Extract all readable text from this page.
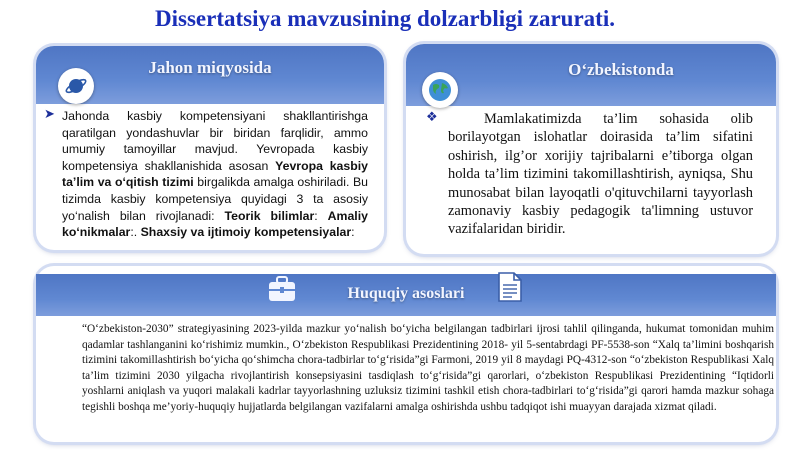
Dissertatsiya mavzusining dolzarbligi zarurati.
Jahon miqyosida
➤ Jahonda kasbiy kompetensiyani shakllantirishga qaratilgan yondashuvlar bir biridan farqlidir, ammo umumiy tamoyillar mavjud. Yevropada kasbiy kompetensiya shakllanishida asosan Yevropa kasbiy ta’lim va o‘qitish tizimi birgalikda amalga oshiriladi. Bu tizimda kasbiy kompetensiya quyidagi 3 ta asosiy yo‘nalish bilan rivojlanadi: Teorik bilimlar: Amaliy ko‘nikmalar:. Shaxsiy va ijtimoiy kompetensiyalar:
O‘zbekistonda
❖	Mamlakatimizda ta’lim sohasida olib borilayotgan islohatlar doirasida ta’lim sifatini oshirish, ilg’or xorijiy tajribalarni e’tiborga olgan holda ta’lim tizimini takomillashtirish, ayniqsa, Shu munosabat bilan layoqatli o'qituvchilarni tayyorlash zamonaviy kasbiy pedagogik ta'limning ustuvor vazifalaridan biridir.
Huquqiy asoslari
“O‘zbekiston-2030” strategiyasining 2023-yilda mazkur yo‘nalish bo‘yicha belgilangan tadbirlari ijrosi tahlil qilinganda, hukumat tomonidan muhim qadamlar tashlanganini ko‘rishimiz mumkin., O‘zbekiston Respublikasi Prezidentining 2018- yil 5-sentabrdagi PF-5538-son “Xalq ta’limini boshqarish tizimini takomillashtirish bo‘yicha qo‘shimcha chora-tadbirlar to‘g‘risida”gi Farmoni, 2019 yil 8 maydagi PQ-4312-son “o‘zbekiston Respublikasi Xalq ta’lim tizimini 2030 yilgacha rivojlantirish konsepsiyasini tasdiqlash to‘g‘risida”gi qarorlari, o‘zbekiston Respublikasi Prezidentining “Iqtidorli yoshlarni aniqlash va yuqori malakali kadrlar tayyorlashning uzluksiz tizimini tashkil etish chora-tadbirlari to‘g‘risida”gi qarori hamda mazkur sohaga tegishli boshqa me’yoriy-huquqiy hujjatlarda belgilangan vazifalarni amalga oshirishda ushbu tadqiqot ishi muayyan darajada xizmat qiladi.
